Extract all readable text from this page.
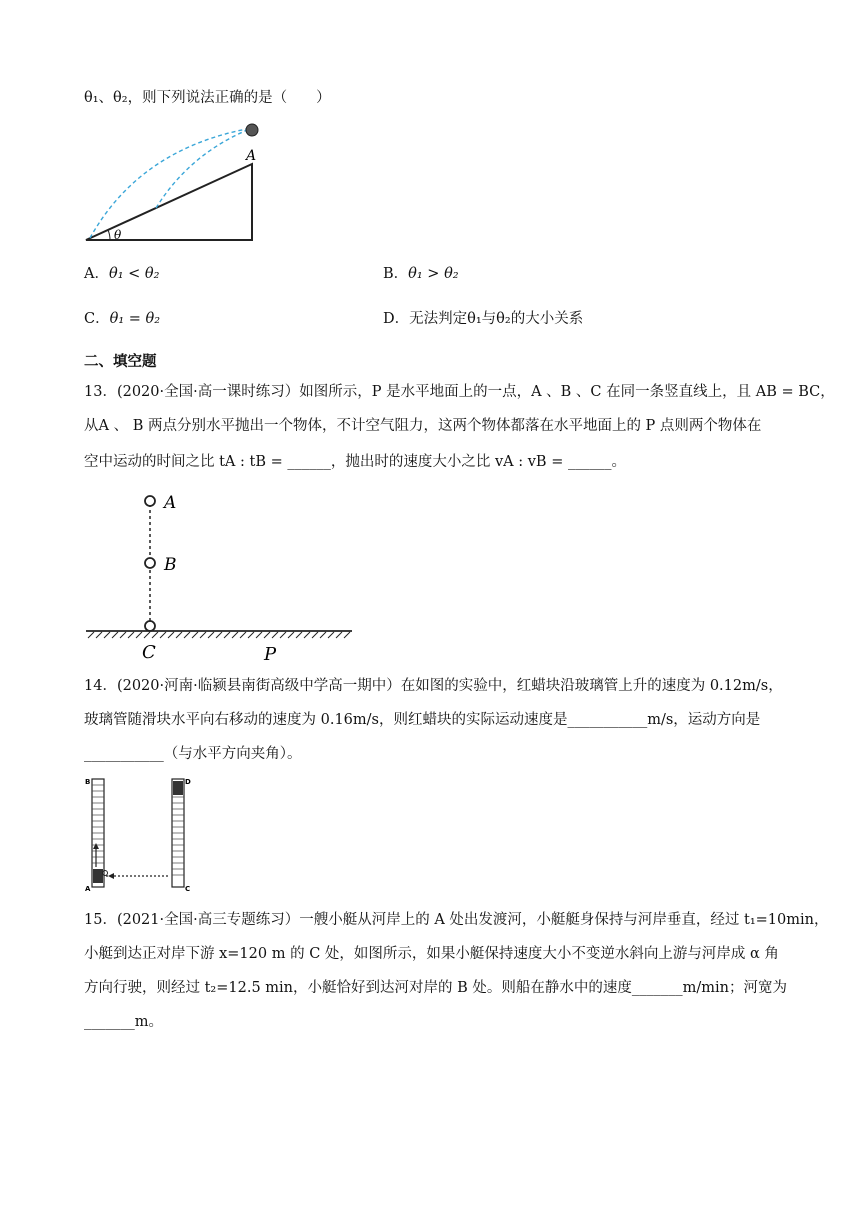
θ₁、θ₂，则下列说法正确的是（　　）
A
θ
A．θ₁ < θ₂	B．θ₁ > θ₂
C．θ₁ = θ₂	D．无法判定θ₁与θ₂的大小关系
二、填空题
13．(2020·全国·高一课时练习）如图所示，P 是水平地面上的一点，A 、B 、C 在同一条竖直线上，且 AB = BC，
从A 、 B 两点分别水平抛出一个物体，不计空气阻力，这两个物体都落在水平地面上的 P 点则两个物体在
空中运动的时间之比 tA : tB = ______，抛出时的速度大小之比 vA : vB = ______。
A
B
C	P
14．(2020·河南·临颍县南街高级中学高一期中）在如图的实验中，红蜡块沿玻璃管上升的速度为 0.12m/s，
玻璃管随滑块水平向右移动的速度为 0.16m/s，则红蜡块的实际运动速度是___________m/s，运动方向是
___________（与水平方向夹角）。
B	D
A	C
15．(2021·全国·高三专题练习）一艘小艇从河岸上的 A 处出发渡河，小艇艇身保持与河岸垂直，经过 t₁=10min，
小艇到达正对岸下游 x=120 m 的 C 处，如图所示，如果小艇保持速度大小不变逆水斜向上游与河岸成 α 角
方向行驶，则经过 t₂=12.5 min，小艇恰好到达河对岸的 B 处。则船在静水中的速度_______m/min；河宽为
_______m。
